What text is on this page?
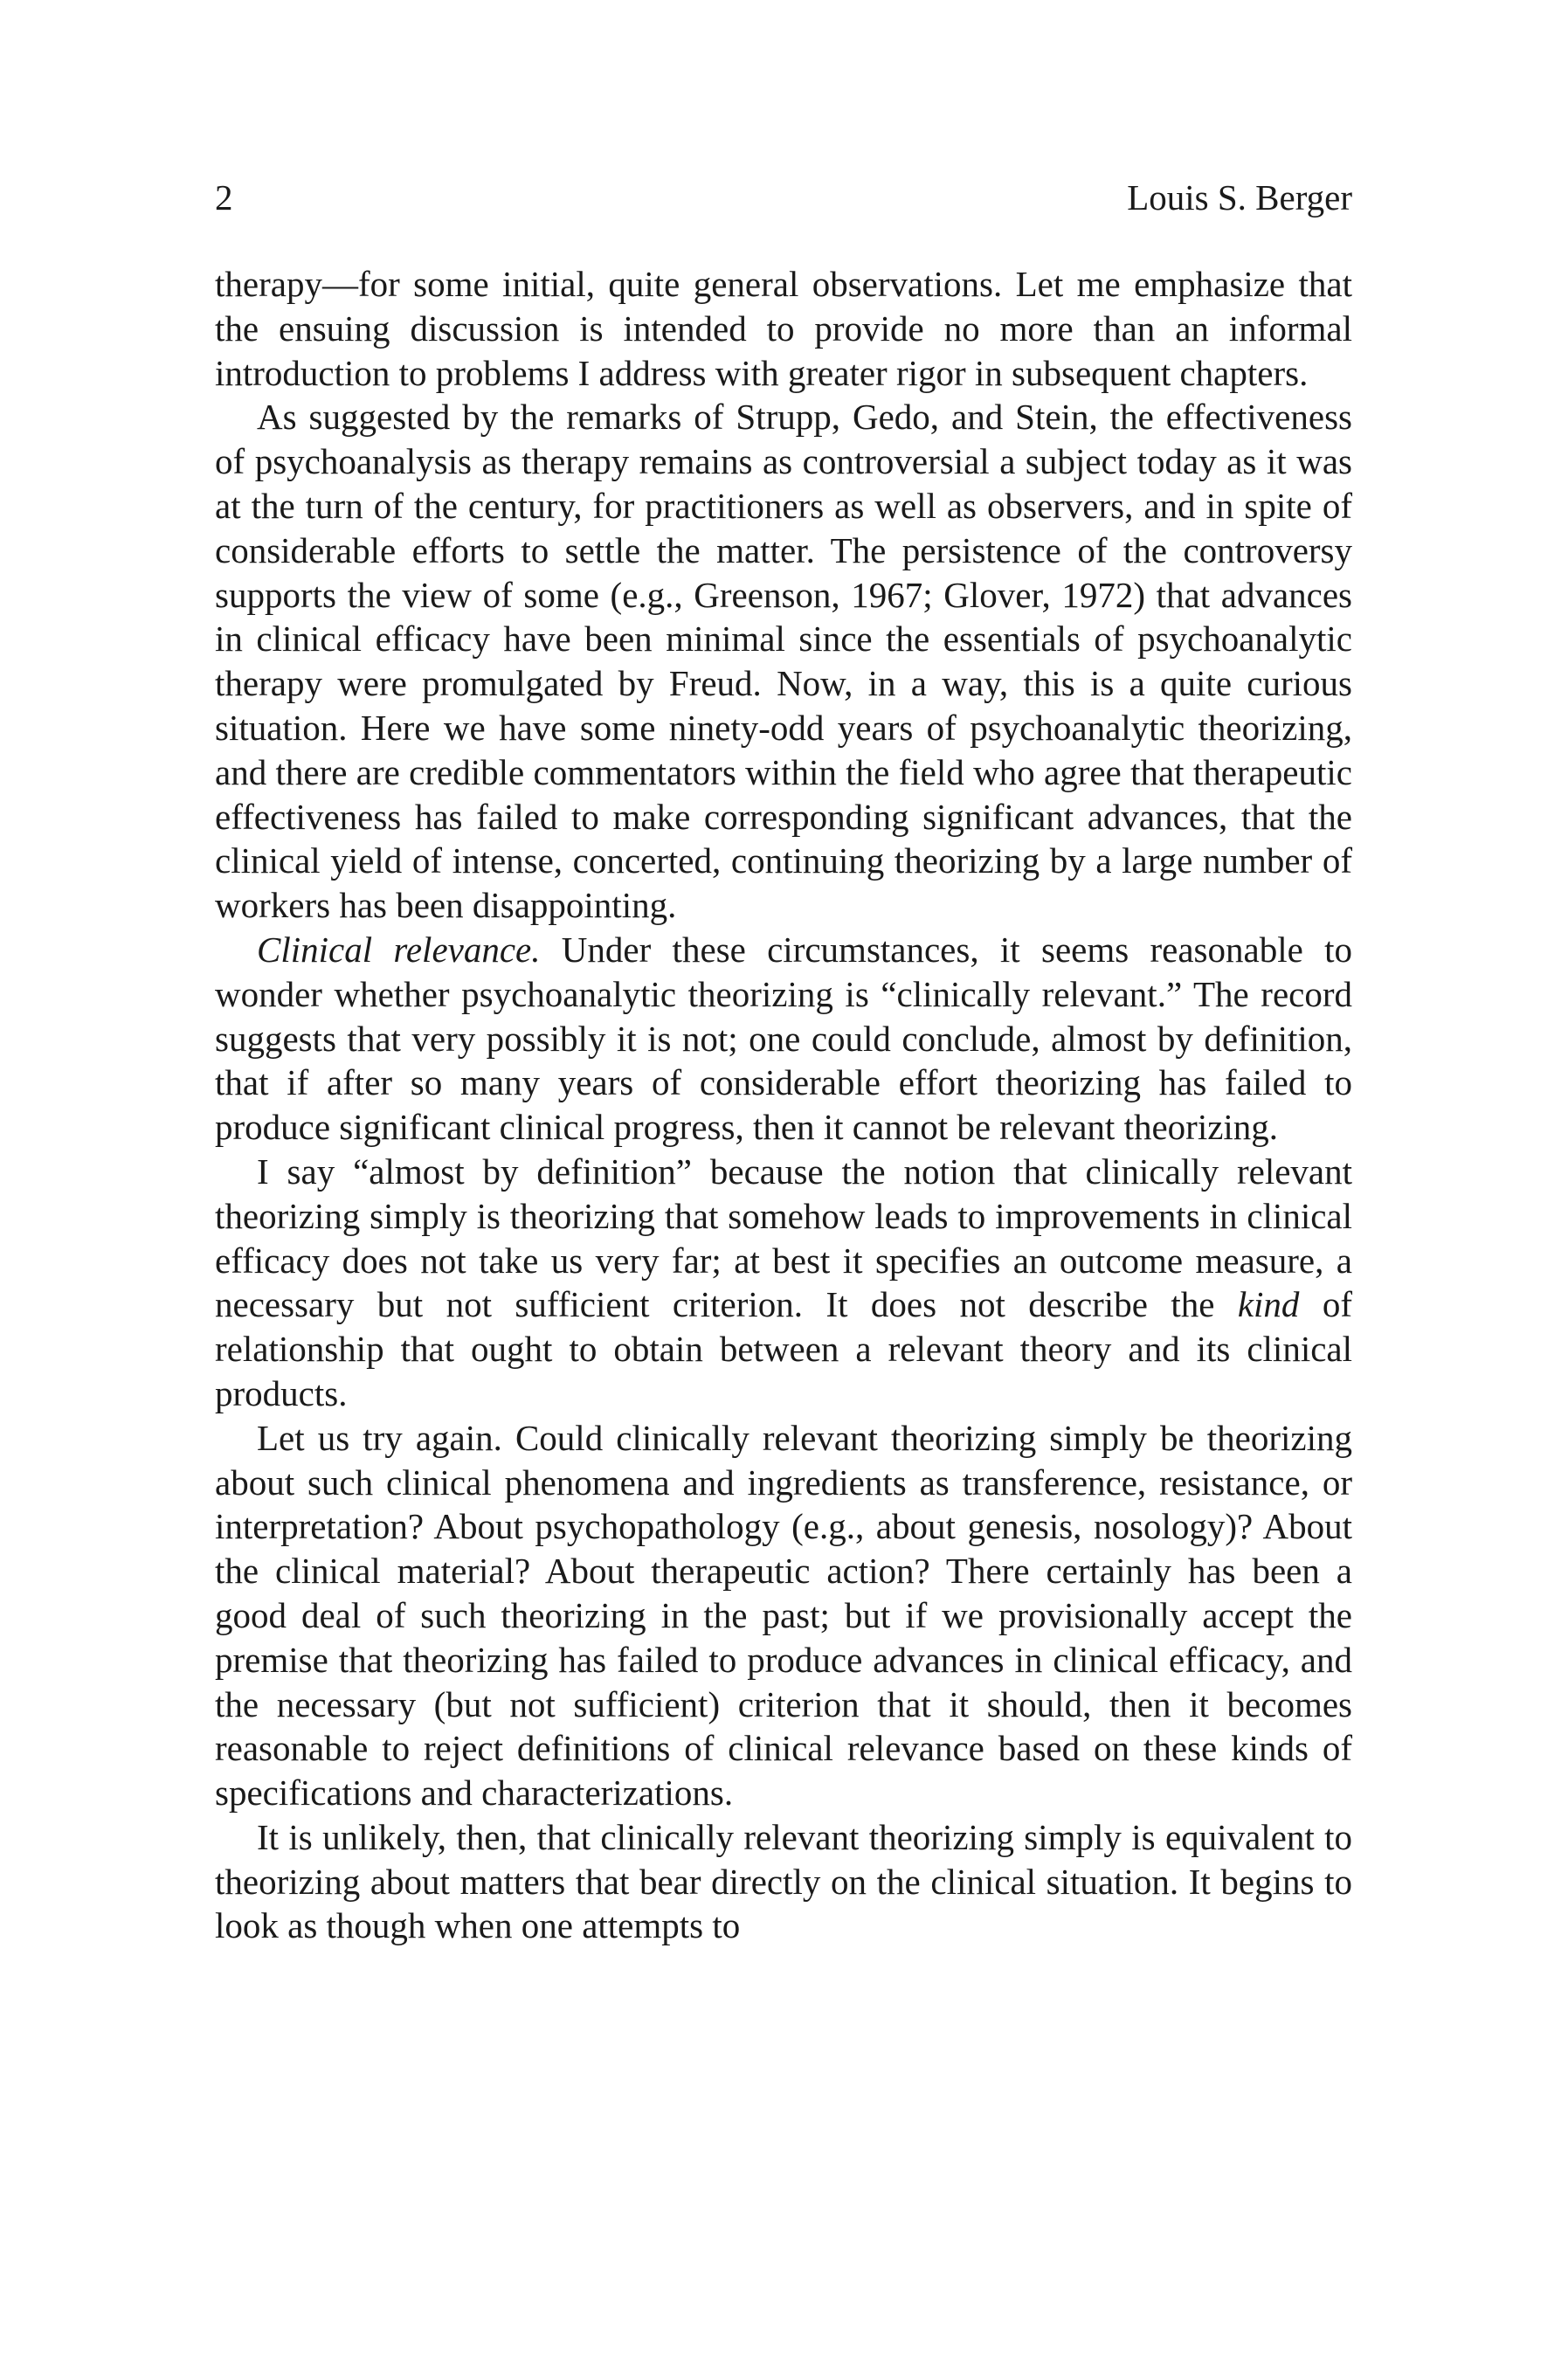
2	Louis S. Berger

therapy—for some initial, quite general observations. Let me emphasize that the ensuing discussion is intended to provide no more than an informal introduction to problems I address with greater rigor in subsequent chapters.

As suggested by the remarks of Strupp, Gedo, and Stein, the effectiveness of psychoanalysis as therapy remains as controversial a subject today as it was at the turn of the century, for practitioners as well as observers, and in spite of considerable efforts to settle the matter. The persistence of the controversy supports the view of some (e.g., Greenson, 1967; Glover, 1972) that advances in clinical efficacy have been minimal since the essentials of psychoanalytic therapy were promulgated by Freud. Now, in a way, this is a quite curious situation. Here we have some ninety-odd years of psychoanalytic theorizing, and there are credible commentators within the field who agree that therapeutic effectiveness has failed to make corresponding significant advances, that the clinical yield of intense, concerted, continuing theorizing by a large number of workers has been disappointing.

Clinical relevance. Under these circumstances, it seems reasonable to wonder whether psychoanalytic theorizing is “clinically relevant.” The record suggests that very possibly it is not; one could conclude, almost by definition, that if after so many years of considerable effort theorizing has failed to produce significant clinical progress, then it cannot be relevant theorizing.

I say “almost by definition” because the notion that clinically relevant theorizing simply is theorizing that somehow leads to improvements in clinical efficacy does not take us very far; at best it specifies an outcome measure, a necessary but not sufficient criterion. It does not describe the kind of relationship that ought to obtain between a relevant theory and its clinical products.

Let us try again. Could clinically relevant theorizing simply be theorizing about such clinical phenomena and ingredients as transference, resistance, or interpretation? About psychopathology (e.g., about genesis, nosology)? About the clinical material? About therapeutic action? There certainly has been a good deal of such theorizing in the past; but if we provisionally accept the premise that theorizing has failed to produce advances in clinical efficacy, and the necessary (but not sufficient) criterion that it should, then it becomes reasonable to reject definitions of clinical relevance based on these kinds of specifications and characterizations.

It is unlikely, then, that clinically relevant theorizing simply is equivalent to theorizing about matters that bear directly on the clinical situation. It begins to look as though when one attempts to
